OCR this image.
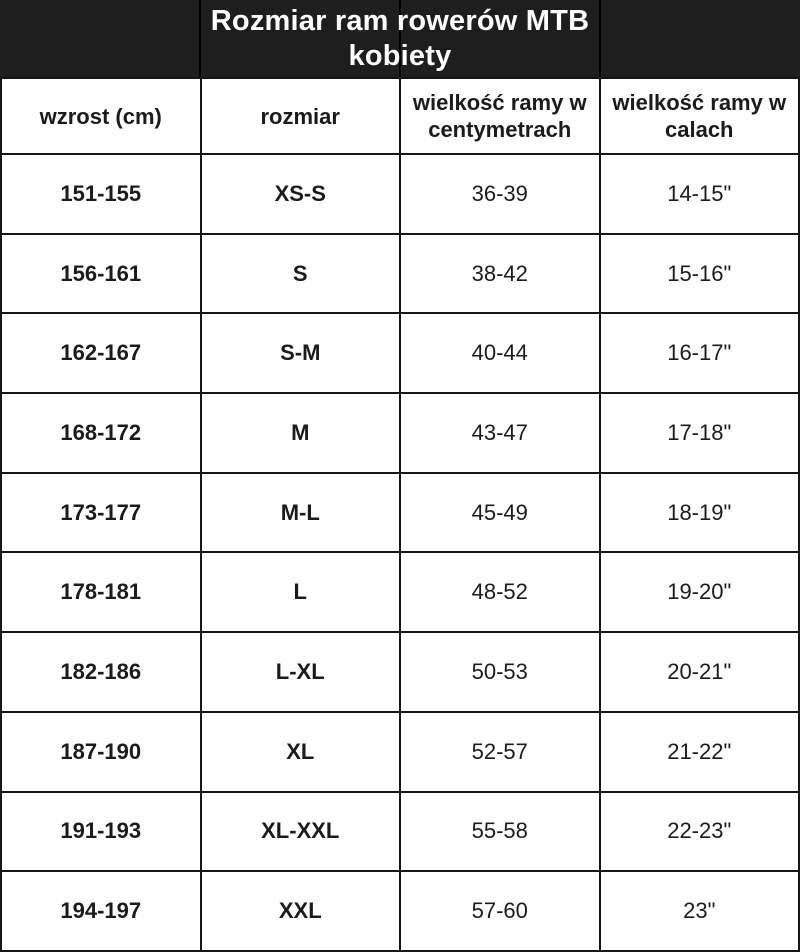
Rozmiar ram rowerów MTB
kobiety
wzrost (cm)	rozmiar	wielkość ramy w centymetrach	wielkość ramy w calach
151-155	XS-S	36-39	14-15"
156-161	S	38-42	15-16"
162-167	S-M	40-44	16-17"
168-172	M	43-47	17-18"
173-177	M-L	45-49	18-19"
178-181	L	48-52	19-20"
182-186	L-XL	50-53	20-21"
187-190	XL	52-57	21-22"
191-193	XL-XXL	55-58	22-23"
194-197	XXL	57-60	23"
